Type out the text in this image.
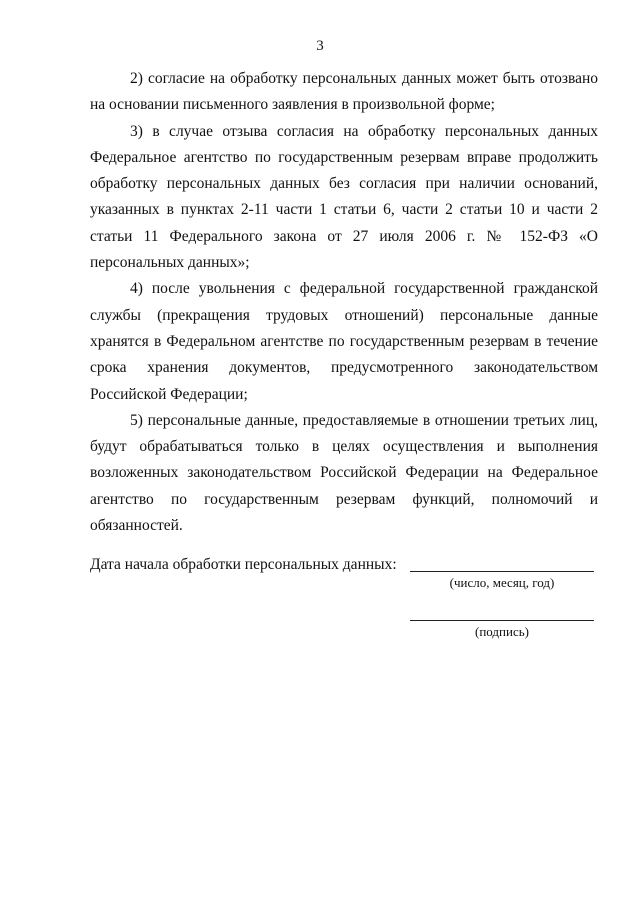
3

2) согласие на обработку персональных данных может быть отозвано на основании письменного заявления в произвольной форме;

3) в случае отзыва согласия на обработку персональных данных Федеральное агентство по государственным резервам вправе продолжить обработку персональных данных без согласия при наличии оснований, указанных в пунктах 2-11 части 1 статьи 6, части 2 статьи 10 и части 2 статьи 11 Федерального закона от 27 июля 2006 г. № 152-ФЗ «О персональных данных»;

4) после увольнения с федеральной государственной гражданской службы (прекращения трудовых отношений) персональные данные хранятся в Федеральном агентстве по государственным резервам в течение срока хранения документов, предусмотренного законодательством Российской Федерации;

5) персональные данные, предоставляемые в отношении третьих лиц, будут обрабатываться только в целях осуществления и выполнения возложенных законодательством Российской Федерации на Федеральное агентство по государственным резервам функций, полномочий и обязанностей.

Дата начала обработки персональных данных:
(число, месяц, год)
(подпись)
